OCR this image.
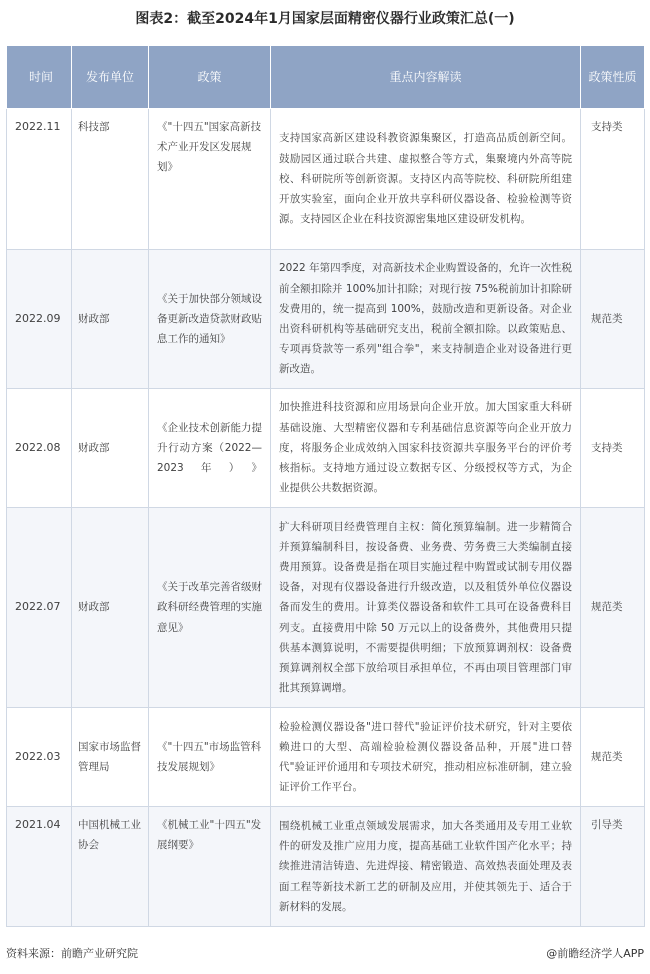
图表2：截至2024年1月国家层面精密仪器行业政策汇总(一)
时间	发布单位	政策	重点内容解读	政策性质
2022.11	科技部	《"十四五"国家高新技术产业开发区发展规划》	支持国家高新区建设科教资源集聚区，打造高品质创新空间。鼓励园区通过联合共建、虚拟整合等方式，集聚境内外高等院校、科研院所等创新资源。支持区内高等院校、科研院所组建开放实验室，面向企业开放共享科研仪器设备、检验检测等资源。支持园区企业在科技资源密集地区建设研发机构。	支持类
2022.09	财政部	《关于加快部分领域设备更新改造贷款财政贴息工作的通知》	2022 年第四季度，对高新技术企业购置设备的，允许一次性税前全额扣除并 100%加计扣除；对现行按 75%税前加计扣除研发费用的，统一提高到 100%，鼓励改造和更新设备。对企业出资科研机构等基础研究支出，税前全额扣除。以政策贴息、专项再贷款等一系列"组合拳"，来支持制造企业对设备进行更新改造。	规范类
2022.08	财政部	《企业技术创新能力提升行动方案（2022—2023年）》	加快推进科技资源和应用场景向企业开放。加大国家重大科研基础设施、大型精密仪器和专利基础信息资源等向企业开放力度，将服务企业成效纳入国家科技资源共享服务平台的评价考核指标。支持地方通过设立数据专区、分级授权等方式，为企业提供公共数据资源。	支持类
2022.07	财政部	《关于改革完善省级财政科研经费管理的实施意见》	扩大科研项目经费管理自主权：简化预算编制。进一步精简合并预算编制科目，按设备费、业务费、劳务费三大类编制直接费用预算。设备费是指在项目实施过程中购置或试制专用仪器设备，对现有仪器设备进行升级改造，以及租赁外单位仪器设备而发生的费用。计算类仪器设备和软件工具可在设备费科目列支。直接费用中除 50 万元以上的设备费外，其他费用只提供基本测算说明，不需要提供明细；下放预算调剂权：设备费预算调剂权全部下放给项目承担单位，不再由项目管理部门审批其预算调增。	规范类
2022.03	国家市场监督管理局	《"十四五"市场监管科技发展规划》	检验检测仪器设备"进口替代"验证评价技术研究，针对主要依赖进口的大型、高端检验检测仪器设备品种，开展"进口替代"验证评价通用和专项技术研究，推动相应标准研制，建立验证评价工作平台。	规范类
2021.04	中国机械工业协会	《机械工业"十四五"发展纲要》	围绕机械工业重点领域发展需求，加大各类通用及专用工业软件的研发及推广应用力度，提高基础工业软件国产化水平；持续推进清洁铸造、先进焊接、精密锻造、高效热表面处理及表面工程等新技术新工艺的研制及应用，并使其领先于、适合于新材料的发展。	引导类
资料来源：前瞻产业研究院	@前瞻经济学人APP
